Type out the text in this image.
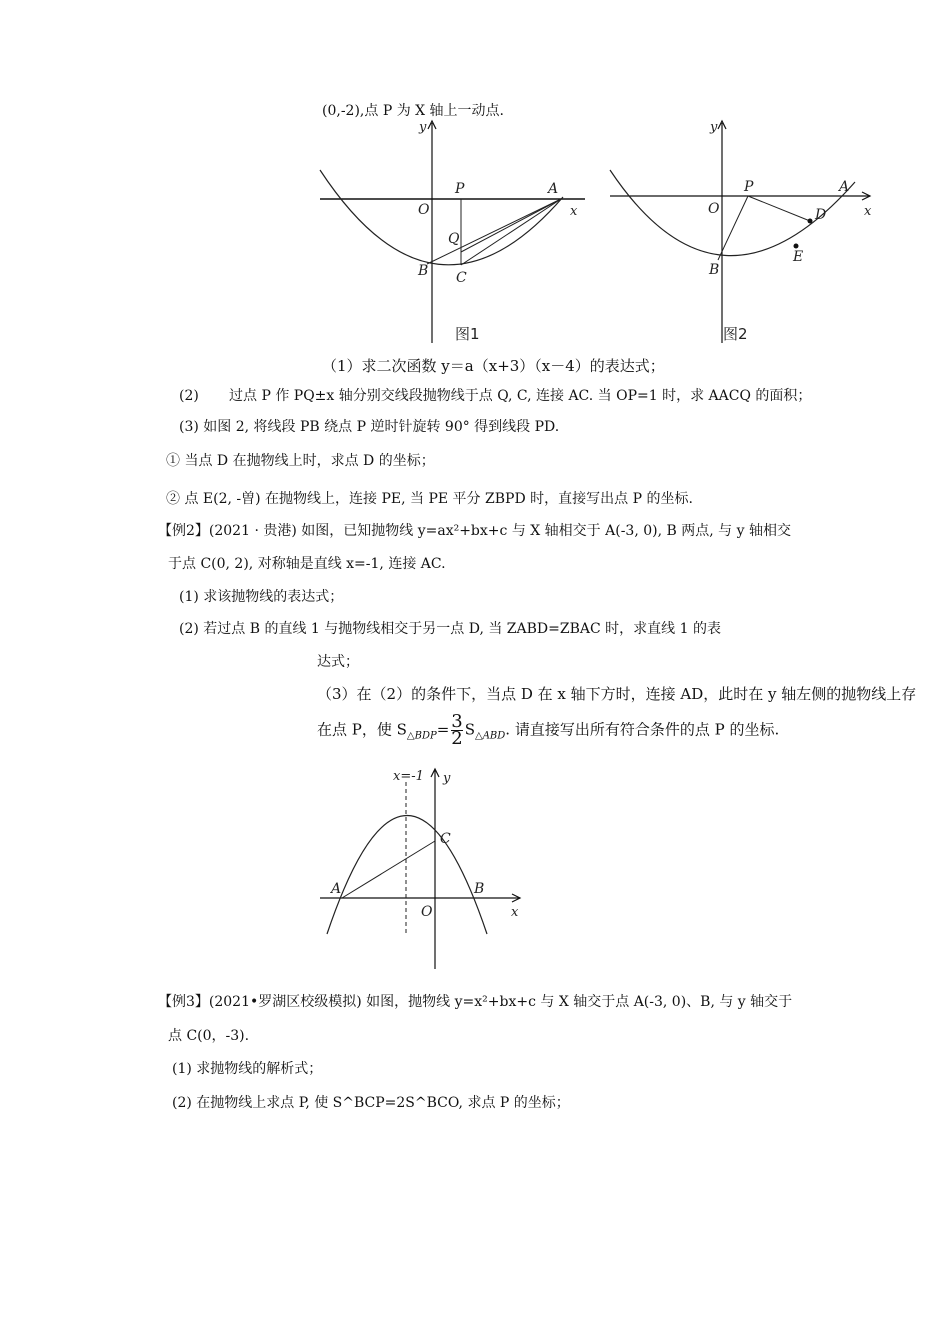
(0,-2),点 P 为 X 轴上一动点.
y
x
O
P	A
Q
B C
图1
y
x
O
P	A
D
B
E
图2
（1）求二次函数 y＝a（x+3）（x－4）的表达式；
(2) 过点 P 作 PQ±x 轴分别交线段抛物线于点 Q, C, 连接 AC. 当 OP=1 时，求 AACQ 的面积；
(3) 如图 2, 将线段 PB 绕点 P 逆时针旋转 90° 得到线段 PD.
① 当点 D 在抛物线上时，求点 D 的坐标；
② 点 E(2, -曽) 在抛物线上，连接 PE, 当 PE 平分 ZBPD 时，直接写出点 P 的坐标.
【例2】(2021 · 贵港) 如图，已知抛物线 y=ax²+bx+c 与 X 轴相交于 A(-3, 0), B 两点, 与 y 轴相交
于点 C(0, 2), 对称轴是直线 x=-1, 连接 AC.
(1) 求该抛物线的表达式；
(2) 若过点 B 的直线 1 与抛物线相交于另一点 D, 当 ZABD=ZBAC 时，求直线 1 的表
达式；
（3）在（2）的条件下，当点 D 在 x 轴下方时，连接 AD，此时在 y 轴左侧的抛物线上存
在点 P，使 $S_{\triangle BDP}= \frac{3}{2} S_{\triangle ABD}$. 请直接写出所有符合条件的点 P 的坐标.
x=-1 y
x
O
A	B
C
【例3】(2021•罗湖区校级模拟) 如图，抛物线 y=x²+bx+c 与 X 轴交于点 A(-3, 0)、B, 与 y 轴交于
点 C(0，-3).
(1) 求抛物线的解析式；
(2) 在抛物线上求点 P, 使 S^BCP=2S^BCO, 求点 P 的坐标；
